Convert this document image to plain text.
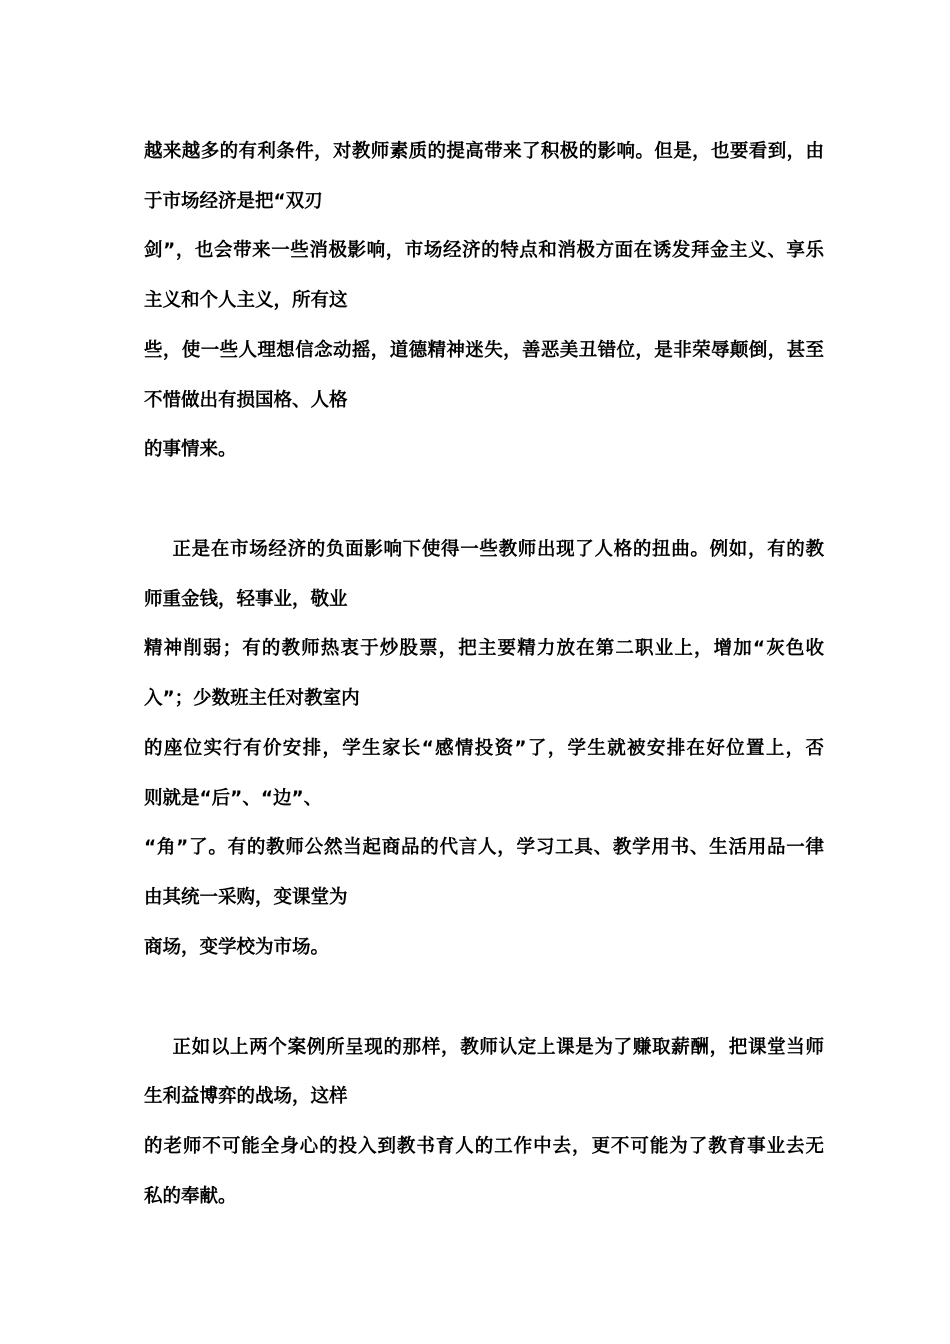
越来越多的有利条件，对教师素质的提高带来了积极的影响。但是，也要看到，由
于市场经济是把“双刃
剑”，也会带来一些消极影响，市场经济的特点和消极方面在诱发拜金主义、享乐
主义和个人主义，所有这
些，使一些人理想信念动摇，道德精神迷失，善恶美丑错位，是非荣辱颠倒，甚至
不惜做出有损国格、人格
的事情来。
正是在市场经济的负面影响下使得一些教师出现了人格的扭曲。例如，有的教
师重金钱，轻事业，敬业
精神削弱；有的教师热衷于炒股票，把主要精力放在第二职业上，增加“灰色收
入”；少数班主任对教室内
的座位实行有价安排，学生家长“感情投资”了，学生就被安排在好位置上，否
则就是“后”、“边”、
“角”了。有的教师公然当起商品的代言人，学习工具、教学用书、生活用品一律
由其统一采购，变课堂为
商场，变学校为市场。
正如以上两个案例所呈现的那样，教师认定上课是为了赚取薪酬，把课堂当师
生利益博弈的战场，这样
的老师不可能全身心的投入到教书育人的工作中去，更不可能为了教育事业去无
私的奉献。
